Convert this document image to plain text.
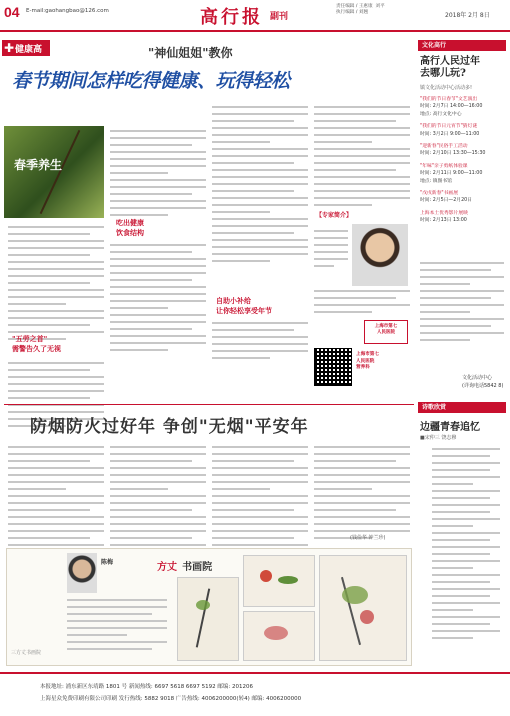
04 E-mail:gaohangbao@126.com	高行报 副刊
责任编辑 / 王惠康  刘平
执行编辑 / 刘翘	2018年 2月 8日
✚ 健康高行
"神仙姐姐"教你
春节期间怎样吃得健康、玩得轻松
春季养生
"五劳之首"
需警告久了无视
吃出健康
饮食结构
自助小补给
让你轻松享受年节
【专家简介】
上海市第七
人民医院
上海市第七
人民医院
营养科
防烟防火过好年 争创"无烟"平安年
(钱俭华 钟兰珍)
方丈 书画院
陈梅
三方丈书画院
文化高行
高行人民过年
去哪儿玩?
镇文化活动中心活动多!
"我们的节日春节"文艺演出
时间: 2月7日 14:00—16:00
地点: 高行文化中心
"我们的节日元宵节"猜灯谜
时间: 3月2日 9:00—11:00
"迎新春"民俗手工活动
时间: 2月10日 13:30—15:30
"年味"亲子剪纸体验课
时间: 2月11日 9:00—11:00
地点: 镇图书馆
"戊戌新春"书画展
时间: 2月5日—2月20日
上海本土优秀影片展映
时间: 2月13日 13:00
文化活动中心
(详询电话5842 8)
诗歌欣赏
边疆青春追忆
■宋仲三 饶志穆
本报地址: 浦东新区东靖路 1801 号 新闻热线: 6697 5618 6697 5192 邮编: 201206
上海星众免费印刷有限公司印刷 发行热线: 5882 9018 广告热线: 4006200000(转4) 邮编: 4006200000
